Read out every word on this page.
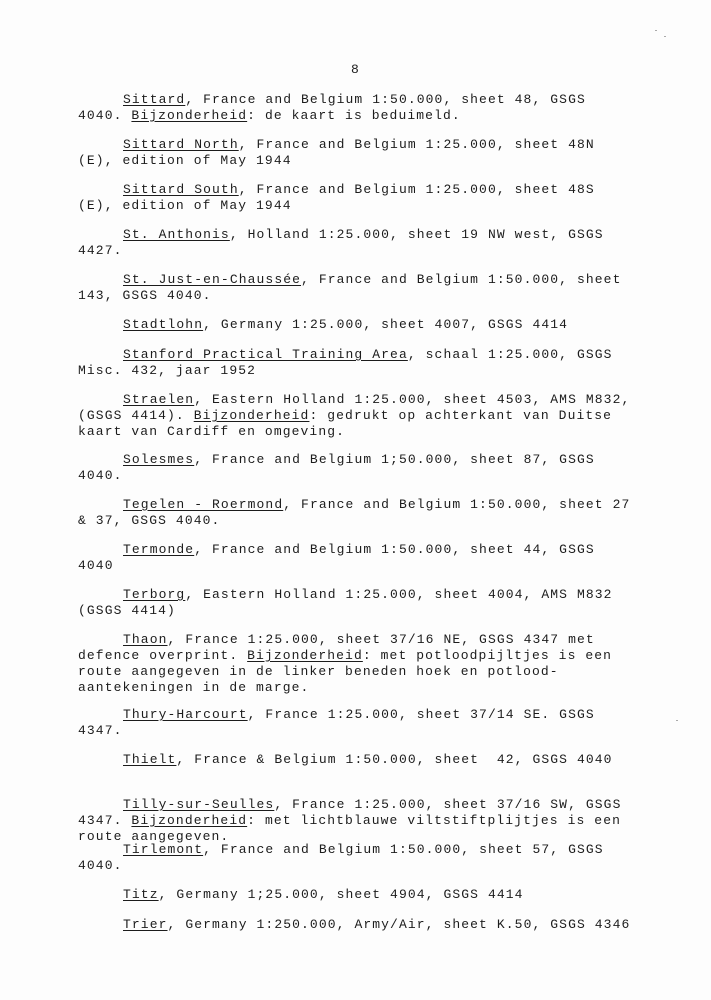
8
Sittard, France and Belgium 1:50.000, sheet 48, GSGS
4040. Bijzonderheid: de kaart is beduimeld.
Sittard North, France and Belgium 1:25.000, sheet 48N
(E), edition of May 1944
Sittard South, France and Belgium 1:25.000, sheet 48S
(E), edition of May 1944
St. Anthonis, Holland 1:25.000, sheet 19 NW west, GSGS
4427.
St. Just-en-Chaussée, France and Belgium 1:50.000, sheet
143, GSGS 4040.
Stadtlohn, Germany 1:25.000, sheet 4007, GSGS 4414
Stanford Practical Training Area, schaal 1:25.000, GSGS
Misc. 432, jaar 1952
Straelen, Eastern Holland 1:25.000, sheet 4503, AMS M832,
(GSGS 4414). Bijzonderheid: gedrukt op achterkant van Duitse
kaart van Cardiff en omgeving.
Solesmes, France and Belgium 1;50.000, sheet 87, GSGS
4040.
Tegelen - Roermond, France and Belgium 1:50.000, sheet 27
& 37, GSGS 4040.
Termonde, France and Belgium 1:50.000, sheet 44, GSGS
4040
Terborg, Eastern Holland 1:25.000, sheet 4004, AMS M832
(GSGS 4414)
Thaon, France 1:25.000, sheet 37/16 NE, GSGS 4347 met
defence overprint. Bijzonderheid: met potloodpijltjes is een
route aangegeven in de linker beneden hoek en potlood-
aantekeningen in de marge.
Thury-Harcourt, France 1:25.000, sheet 37/14 SE. GSGS
4347.
Thielt, France & Belgium 1:50.000, sheet  42, GSGS 4040
Tilly-sur-Seulles, France 1:25.000, sheet 37/16 SW, GSGS
4347. Bijzonderheid: met lichtblauwe viltstiftplijtjes is een
route aangegeven.
Tirlemont, France and Belgium 1:50.000, sheet 57, GSGS
4040.
Titz, Germany 1;25.000, sheet 4904, GSGS 4414
Trier, Germany 1:250.000, Army/Air, sheet K.50, GSGS 4346
